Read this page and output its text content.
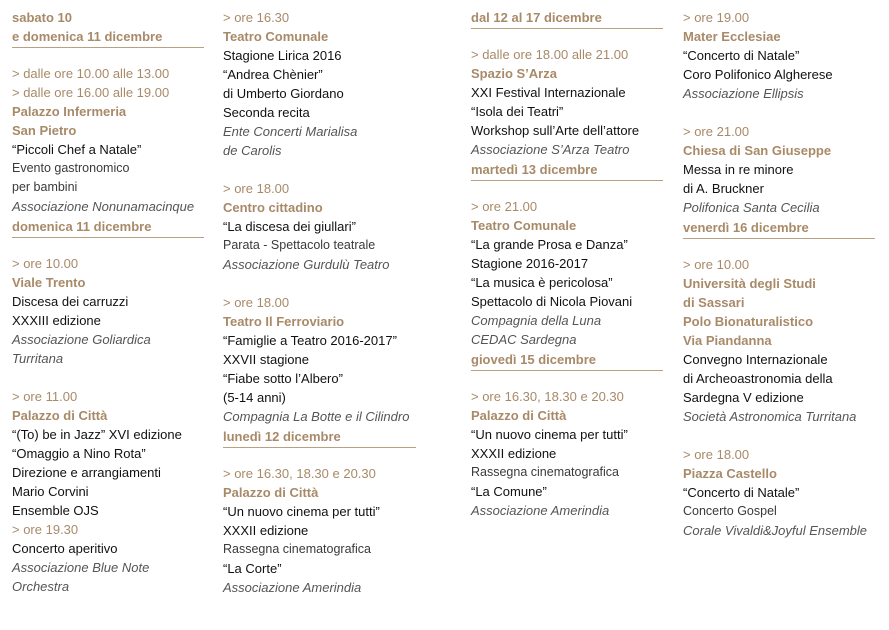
sabato 10
e domenica 11 dicembre
> dalle ore 10.00 alle 13.00
> dalle ore 16.00 alle 19.00
Palazzo Infermeria
San Pietro
“Piccoli Chef a Natale”
Evento gastronomico
per bambini
Associazione Nonunamacinque
domenica 11 dicembre
> ore 10.00
Viale Trento
Discesa dei carruzzi
XXXIII edizione
Associazione Goliardica
Turritana
> ore 11.00
Palazzo di Città
“(To) be in Jazz” XVI edizione
“Omaggio a Nino Rota”
Direzione e arrangiamenti
Mario Corvini
Ensemble OJS
> ore 19.30
Concerto aperitivo
Associazione Blue Note
Orchestra
> ore 16.30
Teatro Comunale
Stagione Lirica 2016
“Andrea Chènier”
di Umberto Giordano
Seconda recita
Ente Concerti Marialisa
de Carolis
> ore 18.00
Centro cittadino
“La discesa dei giullari”
Parata - Spettacolo teatrale
Associazione Gurdulù Teatro
> ore 18.00
Teatro Il Ferroviario
“Famiglie a Teatro 2016-2017”
XXVII stagione
“Fiabe sotto l’Albero”
(5-14 anni)
Compagnia La Botte e il Cilindro
lunedì 12 dicembre
> ore 16.30, 18.30 e 20.30
Palazzo di Città
“Un nuovo cinema per tutti”
XXXII edizione
Rassegna cinematografica
“La Corte”
Associazione Amerindia
dal 12 al 17 dicembre
> dalle ore 18.00 alle 21.00
Spazio S’Arza
XXI Festival Internazionale
“Isola dei Teatri”
Workshop sull’Arte dell’attore
Associazione S’Arza Teatro
martedì 13 dicembre
> ore 21.00
Teatro Comunale
“La grande Prosa e Danza”
Stagione 2016-2017
“La musica è pericolosa”
Spettacolo di Nicola Piovani
Compagnia della Luna
CEDAC Sardegna
giovedì 15 dicembre
> ore 16.30, 18.30 e 20.30
Palazzo di Città
“Un nuovo cinema per tutti”
XXXII edizione
Rassegna cinematografica
“La Comune”
Associazione Amerindia
> ore 19.00
Mater Ecclesiae
“Concerto di Natale”
Coro Polifonico Algherese
Associazione Ellipsis
> ore 21.00
Chiesa di San Giuseppe
Messa in re minore
di A. Bruckner
Polifonica Santa Cecilia
venerdì 16 dicembre
> ore 10.00
Università degli Studi
di Sassari
Polo Bionaturalistico
Via Piandanna
Convegno Internazionale
di Archeoastronomia della
Sardegna V edizione
Società Astronomica Turritana
> ore 18.00
Piazza Castello
“Concerto di Natale”
Concerto Gospel
Corale Vivaldi&Joyful Ensemble
